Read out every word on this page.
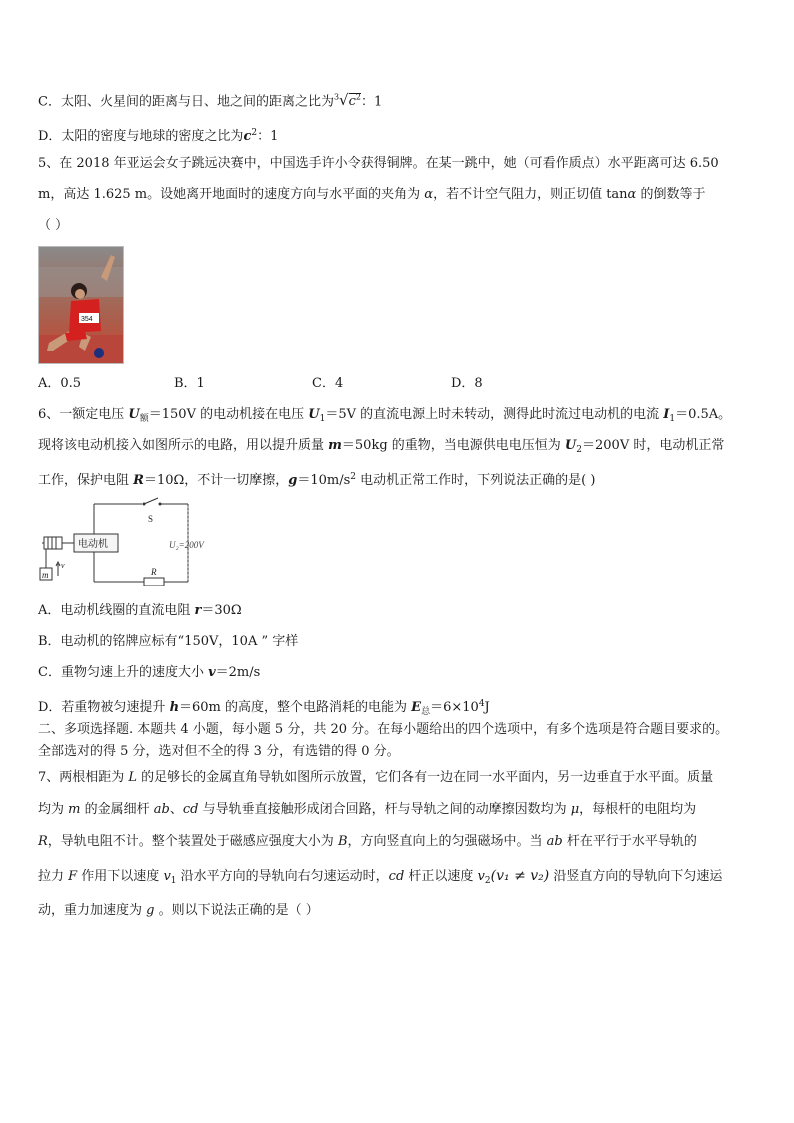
C．太阳、火星间的距离与日、地之间的距离之比为$^3√c^2$：1
D．太阳的密度与地球的密度之比为$c^2$：1
5、在 2018 年亚运会女子跳远决赛中，中国选手许小令获得铜牌。在某一跳中，她（可看作质点）水平距离可达 6.50
m，高达 1.625 m。设她离开地面时的速度方向与水平面的夹角为 α，若不计空气阻力，则正切值 tanα 的倒数等于
（ ）
354
A．0.5	B．1	C．4	D．8
6、一额定电压 $U_额=150V$ 的电动机接在电压 $U_1=5V$ 的直流电源上时未转动，测得此时流过电动机的电流 $I_1=0.5A$。
现将该电动机接入如图所示的电路，用以提升质量 m＝50kg 的重物，当电源供电电压恒为 $U_2=200V$ 时，电动机正常
工作，保护电阻 R＝10Ω，不计一切摩擦，$g=10m/s^2$ 电动机正常工作时，下列说法正确的是( )
电动机
S
U₂=200V
R
m
v
A．电动机线圈的直流电阻 r＝30Ω
B．电动机的铭牌应标有“150V，10A ” 字样
C．重物匀速上升的速度大小 v＝2m/s
D．若重物被匀速提升 h＝60m 的高度，整个电路消耗的电能为 $E_总=6\times 10^4J$
二、多项选择题. 本题共 4 小题，每小题 5 分，共 20 分。在每小题给出的四个选项中，有多个选项是符合题目要求的。
全部选对的得 5 分，选对但不全的得 3 分，有选错的得 0 分。
7、两根相距为 L 的足够长的金属直角导轨如图所示放置，它们各有一边在同一水平面内，另一边垂直于水平面。质量
均为 m 的金属细杆 ab、cd 与导轨垂直接触形成闭合回路，杆与导轨之间的动摩擦因数均为 μ，每根杆的电阻均为
R，导轨电阻不计。整个装置处于磁感应强度大小为 B，方向竖直向上的匀强磁场中。当 ab 杆在平行于水平导轨的
拉力 F 作用下以速度 $v_1$ 沿水平方向的导轨向右匀速运动时，cd 杆正以速度 $v_2(v_1 \ne v_2)$ 沿竖直方向的导轨向下匀速运
动，重力加速度为 g 。则以下说法正确的是（ ）
